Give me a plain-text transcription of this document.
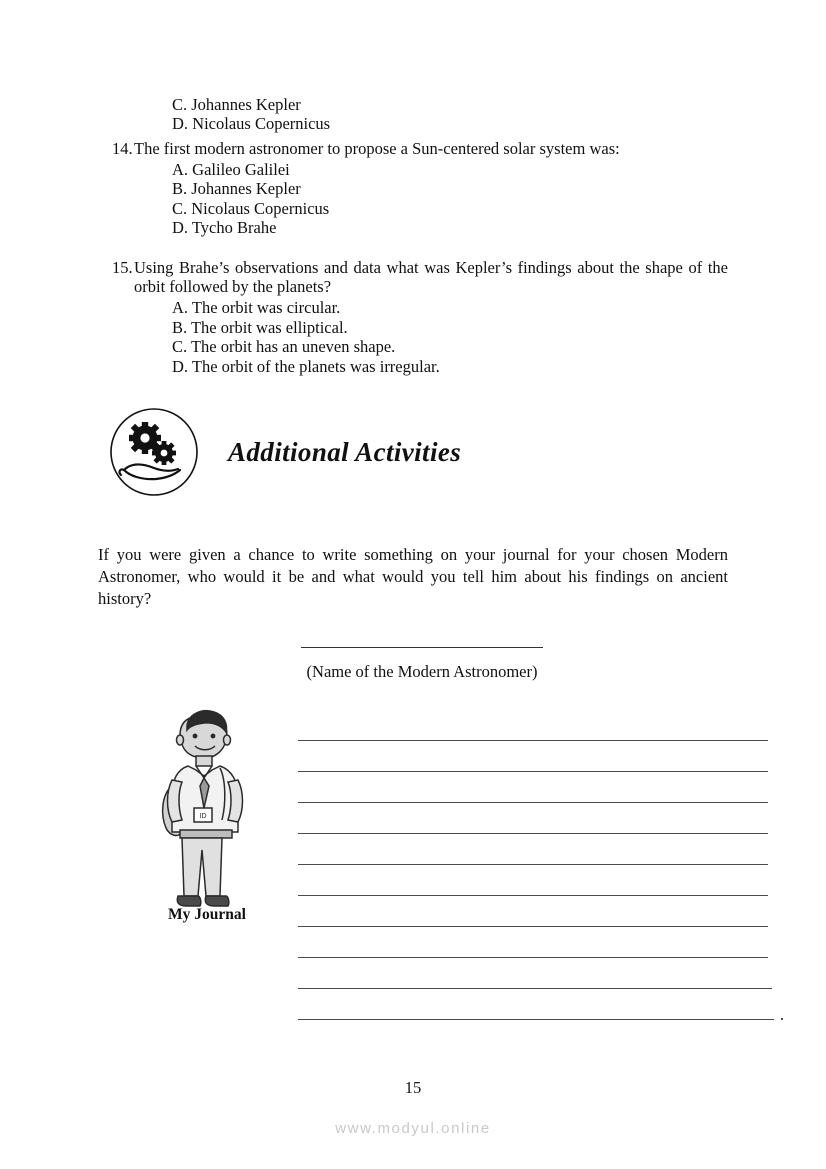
C. Johannes Kepler
D. Nicolaus Copernicus
14. The first modern astronomer to propose a Sun-centered solar system was:
A. Galileo Galilei
B. Johannes Kepler
C. Nicolaus Copernicus
D. Tycho Brahe
15. Using Brahe’s observations and data what was Kepler’s findings about the shape of the orbit followed by the planets?
A. The orbit was circular.
B. The orbit was elliptical.
C. The orbit has an uneven shape.
D. The orbit of the planets was irregular.
Additional Activities
If you were given a chance to write something on your journal for your chosen Modern Astronomer, who would it be and what would you tell him about his findings on ancient history?
(Name of the Modern Astronomer)
ID
.
My Journal
15
www.modyul.online
